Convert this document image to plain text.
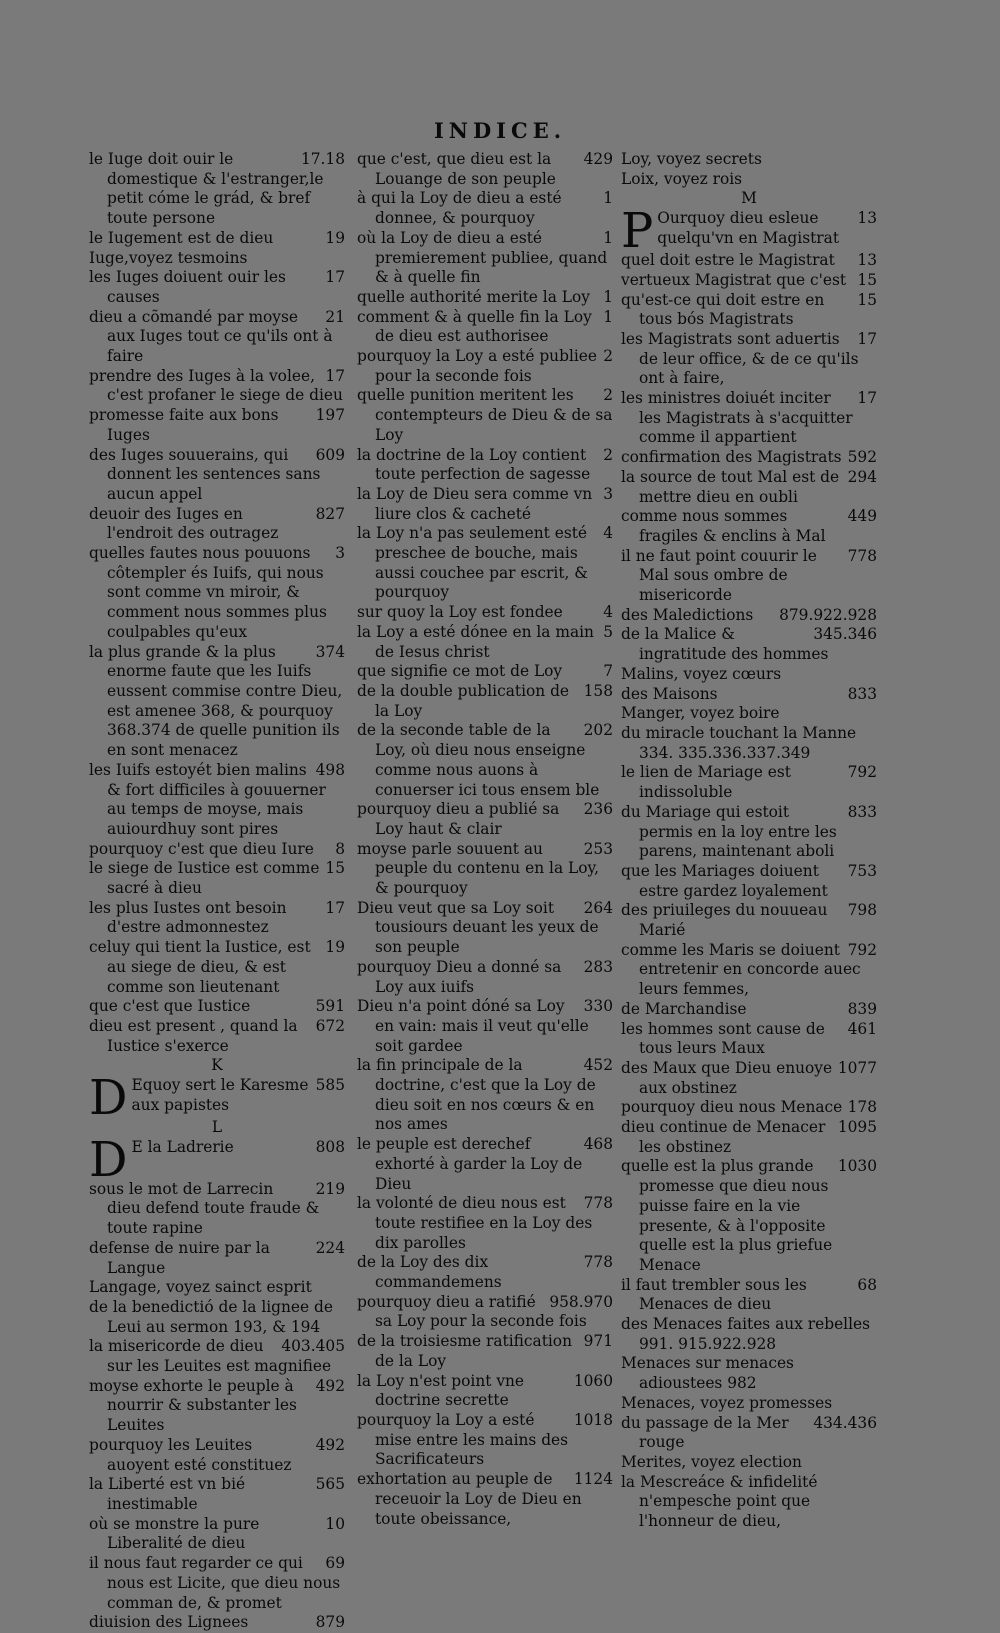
INDICE.
17.18
le Iuge doit ouir le domestique & l'estranger,le petit cóme le grád, & bref toute persone
19
le Iugement est de dieu
Iuge,voyez tesmoins
17
les Iuges doiuent ouir les causes
21
dieu a cõmandé par moyse aux Iuges tout ce qu'ils ont à faire
17
prendre des Iuges à la volee, c'est profaner le siege de dieu
197
promesse faite aux bons Iuges
609
des Iuges souuerains, qui donnent les sentences sans aucun appel
827
deuoir des Iuges en l'endroit des outragez
3
quelles fautes nous pouuons côtempler és Iuifs, qui nous sont comme vn miroir, & comment nous sommes plus coulpables qu'eux
374
la plus grande & la plus enorme faute que les Iuifs eussent commise contre Dieu, est amenee 368, & pourquoy 368.374 de quelle punition ils en sont menacez
498
les Iuifs estoyét bien malins & fort difficiles à gouuerner au temps de moyse, mais auiourdhuy sont pires
8
pourquoy c'est que dieu Iure
15
le siege de Iustice est comme sacré à dieu
17
les plus Iustes ont besoin d'estre admonnestez
19
celuy qui tient la Iustice, est au siege de dieu, & est comme son lieutenant
591
que c'est que Iustice
672
dieu est present , quand la Iustice s'exerce
K
585
D Equoy sert le Karesme aux papistes
L
808
D E la Ladrerie
219
sous le mot de Larrecin dieu defend toute fraude & toute rapine
224
defense de nuire par la Langue
Langage, voyez sainct esprit
de la benedictió de la lignee de Leui au sermon 193, & 194
403.405
la misericorde de dieu sur les Leuites est magnifiee
492
moyse exhorte le peuple à nourrir & substanter les Leuites
492
pourquoy les Leuites auoyent esté constituez
565
la Liberté est vn bié inestimable
10
où se monstre la pure Liberalité de dieu
69
il nous faut regarder ce qui nous est Licite, que dieu nous comman de, & promet
879
diuision des Lignees
429
que c'est, que dieu est la Louange de son peuple
1
à qui la Loy de dieu a esté donnee, & pourquoy
1
où la Loy de dieu a esté premierement publiee, quand & à quelle fin
1
quelle authorité merite la Loy
1
comment & à quelle fin la Loy de dieu est authorisee
2
pourquoy la Loy a esté publiee pour la seconde fois
2
quelle punition meritent les contempteurs de Dieu & de sa Loy
2
la doctrine de la Loy contient toute perfection de sagesse
3
la Loy de Dieu sera comme vn liure clos & cacheté
4
la Loy n'a pas seulement esté preschee de bouche, mais aussi couchee par escrit, & pourquoy
4
sur quoy la Loy est fondee
5
la Loy a esté dónee en la main de Iesus christ
7
que signifie ce mot de Loy
158
de la double publication de la Loy
202
de la seconde table de la Loy, où dieu nous enseigne comme nous auons à conuerser ici tous ensem ble
236
pourquoy dieu a publié sa Loy haut & clair
253
moyse parle souuent au peuple du contenu en la Loy, & pourquoy
264
Dieu veut que sa Loy soit tousiours deuant les yeux de son peuple
283
pourquoy Dieu a donné sa Loy aux iuifs
330
Dieu n'a point dóné sa Loy en vain: mais il veut qu'elle soit gardee
452
la fin principale de la doctrine, c'est que la Loy de dieu soit en nos cœurs & en nos ames
468
le peuple est derechef exhorté à garder la Loy de Dieu
778
la volonté de dieu nous est toute restifiee en la Loy des dix parolles
778
de la Loy des dix commandemens
958.970
pourquoy dieu a ratifié sa Loy pour la seconde fois
971
de la troisiesme ratification de la Loy
1060
la Loy n'est point vne doctrine secrette
1018
pourquoy la Loy a esté mise entre les mains des Sacrificateurs
1124
exhortation au peuple de receuoir la Loy de Dieu en toute obeissance,
Loy, voyez secrets
Loix, voyez rois
M
13
P Ourquoy dieu esleue quelqu'vn en Magistrat
13
quel doit estre le Magistrat
15
vertueux Magistrat que c'est
15
qu'est-ce qui doit estre en tous bós Magistrats
17
les Magistrats sont aduertis de leur office, & de ce qu'ils ont à faire,
17
les ministres doiuét inciter les Magistrats à s'acquitter comme il appartient
592
confirmation des Magistrats
294
la source de tout Mal est de mettre dieu en oubli
449
comme nous sommes fragiles & enclins à Mal
778
il ne faut point couurir le Mal sous ombre de misericorde
879.922.928
des Maledictions
345.346
de la Malice & ingratitude des hommes
Malins, voyez cœurs
833
des Maisons
Manger, voyez boire
du miracle touchant la Manne 334. 335.336.337.349
792
le lien de Mariage est indissoluble
833
du Mariage qui estoit permis en la loy entre les parens, maintenant aboli
753
que les Mariages doiuent estre gardez loyalement
798
des priuileges du nouueau Marié
792
comme les Maris se doiuent entretenir en concorde auec leurs femmes,
839
de Marchandise
461
les hommes sont cause de tous leurs Maux
1077
des Maux que Dieu enuoye aux obstinez
178
pourquoy dieu nous Menace
1095
dieu continue de Menacer les obstinez
1030
quelle est la plus grande promesse que dieu nous puisse faire en la vie presente, & à l'opposite quelle est la plus griefue Menace
68
il faut trembler sous les Menaces de dieu
des Menaces faites aux rebelles 991. 915.922.928
Menaces sur menaces adioustees 982
Menaces, voyez promesses
434.436
du passage de la Mer rouge
Merites, voyez election
la Mescreáce & infidelité n'empesche point que l'honneur de dieu,
